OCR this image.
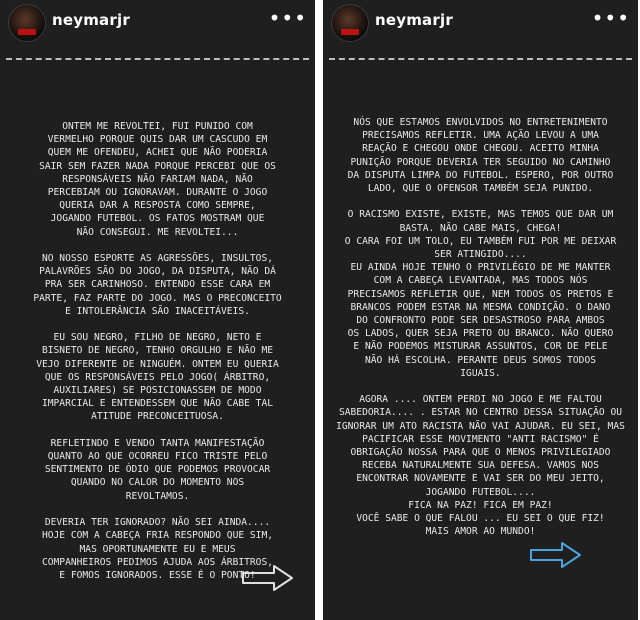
neymarjr	•••
ONTEM ME REVOLTEI, FUI PUNIDO COM
VERMELHO PORQUE QUIS DAR UM CASCUDO EM
QUEM ME OFENDEU, ACHEI QUE NÃO PODERIA
SAIR SEM FAZER NADA PORQUE PERCEBI QUE OS
RESPONSÁVEIS NÃO FARIAM NADA, NÃO
PERCEBIAM OU IGNORAVAM. DURANTE O JOGO
QUERIA DAR A RESPOSTA COMO SEMPRE,
JOGANDO FUTEBOL. OS FATOS MOSTRAM QUE
NÃO CONSEGUI. ME REVOLTEI...

NO NOSSO ESPORTE AS AGRESSÕES, INSULTOS,
PALAVRÕES SÃO DO JOGO, DA DISPUTA, NÃO DÁ
PRA SER CARINHOSO. ENTENDO ESSE CARA EM
PARTE, FAZ PARTE DO JOGO. MAS O PRECONCEITO
E INTOLERÂNCIA SÃO INACEITÁVEIS.

EU SOU NEGRO, FILHO DE NEGRO, NETO E
BISNETO DE NEGRO, TENHO ORGULHO E NÃO ME
VEJO DIFERENTE DE NINGUÉM. ONTEM EU QUERIA
QUE OS RESPONSÁVEIS PELO JOGO( ÁRBITRO,
AUXILIARES) SE POSICIONASSEM DE MODO
IMPARCIAL E ENTENDESSEM QUE NÃO CABE TAL
ATITUDE PRECONCEITUOSA.

REFLETINDO E VENDO TANTA MANIFESTAÇÃO
QUANTO AO QUE OCORREU FICO TRISTE PELO
SENTIMENTO DE ÓDIO QUE PODEMOS PROVOCAR
QUANDO NO CALOR DO MOMENTO NOS
REVOLTAMOS.

DEVERIA TER IGNORADO? NÃO SEI AINDA....
HOJE COM A CABEÇA FRIA RESPONDO QUE SIM,
MAS OPORTUNAMENTE EU E MEUS
COMPANHEIROS PEDIMOS AJUDA AOS ÁRBITROS,
E FOMOS IGNORADOS. ESSE É O PONTO!
neymarjr	•••
NÓS QUE ESTAMOS ENVOLVIDOS NO ENTRETENIMENTO
PRECISAMOS REFLETIR. UMA AÇÃO LEVOU A UMA
REAÇÃO E CHEGOU ONDE CHEGOU. ACEITO MINHA
PUNIÇÃO PORQUE DEVERIA TER SEGUIDO NO CAMINHO
DA DISPUTA LIMPA DO FUTEBOL. ESPERO, POR OUTRO
LADO, QUE O OFENSOR TAMBÉM SEJA PUNIDO.

O RACISMO EXISTE, EXISTE, MAS TEMOS QUE DAR UM
BASTA. NÃO CABE MAIS, CHEGA!
O CARA FOI UM TOLO, EU TAMBÉM FUI POR ME DEIXAR
SER ATINGIDO....
EU AINDA HOJE TENHO O PRIVILÉGIO DE ME MANTER
COM A CABEÇA LEVANTADA, MAS TODOS NÓS
PRECISAMOS REFLETIR QUE, NEM TODOS OS PRETOS E
BRANCOS PODEM ESTAR NA MESMA CONDIÇÃO. O DANO
DO CONFRONTO PODE SER DESASTROSO PARA AMBOS
OS LADOS, QUER SEJA PRETO OU BRANCO. NÃO QUERO
E NÃO PODEMOS MISTURAR ASSUNTOS, COR DE PELE
NÃO HÁ ESCOLHA. PERANTE DEUS SOMOS TODOS
IGUAIS.

AGORA .... ONTEM PERDI NO JOGO E ME FALTOU
SABEDORIA.... . ESTAR NO CENTRO DESSA SITUAÇÃO OU
IGNORAR UM ATO RACISTA NÃO VAI AJUDAR. EU SEI, MAS
PACIFICAR ESSE MOVIMENTO "ANTI RACISMO" É
OBRIGAÇÃO NOSSA PARA QUE O MENOS PRIVILEGIADO
RECEBA NATURALMENTE SUA DEFESA. VAMOS NOS
ENCONTRAR NOVAMENTE E VAI SER DO MEU JEITO,
JOGANDO FUTEBOL....
FICA NA PAZ! FICA EM PAZ!
VOCÊ SABE O QUE FALOU ... EU SEI O QUE FIZ!
MAIS AMOR AO MUNDO!
